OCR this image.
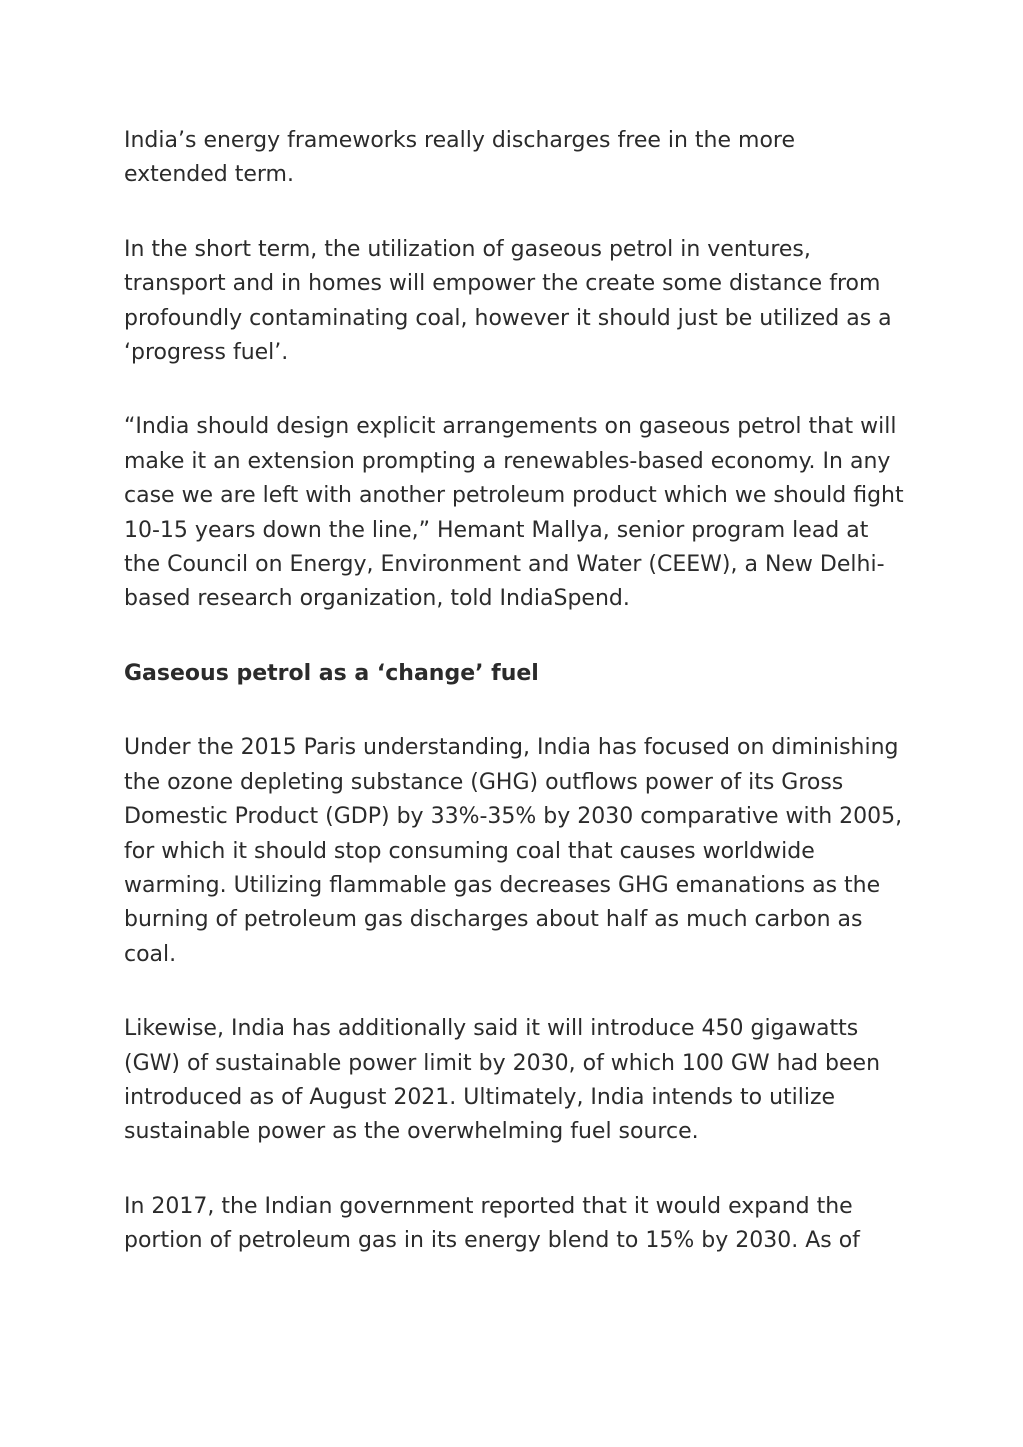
India’s energy frameworks really discharges free in the more extended term.

In the short term, the utilization of gaseous petrol in ventures, transport and in homes will empower the create some distance from profoundly contaminating coal, however it should just be utilized as a ‘progress fuel’.

“India should design explicit arrangements on gaseous petrol that will make it an extension prompting a renewables-based economy. In any case we are left with another petroleum product which we should fight 10-15 years down the line,” Hemant Mallya, senior program lead at the Council on Energy, Environment and Water (CEEW), a New Delhi-based research organization, told IndiaSpend.

Gaseous petrol as a ‘change’ fuel

Under the 2015 Paris understanding, India has focused on diminishing the ozone depleting substance (GHG) outflows power of its Gross Domestic Product (GDP) by 33%-35% by 2030 comparative with 2005, for which it should stop consuming coal that causes worldwide warming. Utilizing flammable gas decreases GHG emanations as the burning of petroleum gas discharges about half as much carbon as coal.

Likewise, India has additionally said it will introduce 450 gigawatts (GW) of sustainable power limit by 2030, of which 100 GW had been introduced as of August 2021. Ultimately, India intends to utilize sustainable power as the overwhelming fuel source.

In 2017, the Indian government reported that it would expand the portion of petroleum gas in its energy blend to 15% by 2030. As of
